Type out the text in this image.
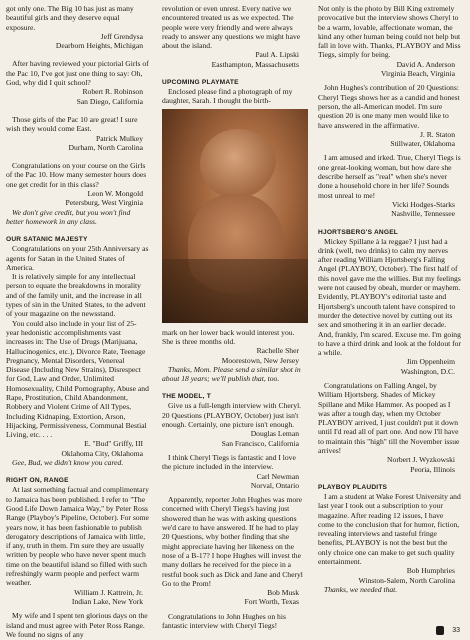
got only one. The Big 10 has just as many beautiful girls and they deserve equal exposure.

Jeff Grendysa

Dearborn Heights, Michigan

After having reviewed your pictorial Girls of the Pac 10, I've got just one thing to say: Oh, God, why did I quit school?

Robert R. Robinson

San Diego, California

Those girls of the Pac 10 are great! I sure wish they would come East.

Patrick Mulkey

Durham, North Carolina

Congratulations on your course on the Girls of the Pac 10. How many semester hours does one get credit for in this class?

Leon W. Mongold

Petersburg, West Virginia

We don't give credit, but you won't find better homework in any class.

OUR SATANIC MAJESTY

Congratulations on your 25th Anniversary as agents for Satan in the United States of America.

It is relatively simple for any intellectual person to equate the breakdowns in morality and of the family unit, and the increase in all types of sin in the United States, to the advent of your magazine on the newsstand.

You could also include in your list of 25-year hedonistic accomplishments vast increases in: The Use of Drugs (Marijuana, Hallucinogenics, etc.), Divorce Rate, Teenage Pregnancy, Mental Disorders, Venereal Disease (Including New Strains), Disrespect for God, Law and Order, Unlimited Homosexuality, Child Pornography, Abuse and Rape, Prostitution, Child Abandonment, Robbery and Violent Crime of All Types, Including Kidnaping, Extortion, Arson, Hijacking, Permissiveness, Communal Bestial Living, etc. . . .

E. "Bud" Griffy, III

Oklahoma City, Oklahoma

Gee, Bud, we didn't know you cared.

RIGHT ON, RANGE

At last something factual and complimentary to Jamaica has been published. I refer to "The Good Life Down Jamaica Way," by Peter Ross Range (Playboy's Pipeline, October). For some years now, it has been fashionable to publish derogatory descriptions of Jamaica with little, if any, truth in them. I'm sure they are usually written by people who have never spent much time on the beautiful island so filled with such refreshingly warm people and perfect warm weather.

William J. Kattrein, Jr.

Indian Lake, New York

My wife and I spent ten glorious days on the island and must agree with Peter Ross Range. We found no signs of any

revolution or even unrest. Every native we encountered treated us as we expected. The people were very friendly and were always ready to answer any questions we might have about the island.

Paul A. Lipski

Easthampton, Massachusetts

UPCOMING PLAYMATE

Enclosed please find a photograph of my daughter, Sarah. I thought the birth-

mark on her lower back would interest you. She is three months old.

Rachelle Sher

Moorestown, New Jersey

Thanks, Mom. Please send a similar shot in about 18 years; we'll publish that, too.

THE MODEL, T

Give us a full-length interview with Cheryl. 20 Questions (PLAYBOY, October) just isn't enough. Certainly, one picture isn't enough.

Douglas Leman

San Francisco, California

I think Cheryl Tiegs is fantastic and I love the picture included in the interview.

Carl Newman

Norval, Ontario

Apparently, reporter John Hughes was more concerned with Cheryl Tiegs's having just showered than he was with asking questions we'd care to have answered. If he had to play 20 Questions, why bother finding that she might appreciate having her likeness on the nose of a B-17? I hope Hughes will invest the many dollars he received for the piece in a restful book such as Dick and Jane and Cheryl Go to the Prom!

Bob Musk

Fort Worth, Texas

Congratulations to John Hughes on his fantastic interview with Cheryl Tiegs!

Not only is the photo by Bill King extremely provocative but the interview shows Cheryl to be a warm, lovable, affectionate woman, the kind any other human being could not help but fall in love with. Thanks, PLAYBOY and Miss Tiegs, simply for being.

David A. Anderson

Virginia Beach, Virginia

John Hughes's contribution of 20 Questions: Cheryl Tiegs shows her as a candid and honest person, the all-American model. I'm sure question 20 is one many men would like to have answered in the affirmative.

J. R. Staton

Stillwater, Oklahoma

I am amused and irked. True, Cheryl Tiegs is one great-looking woman, but how dare she describe herself as "real" when she's never done a household chore in her life? Sounds most unreal to me!

Vicki Hodges-Starks

Nashville, Tennessee

HJORTSBERG'S ANGEL

Mickey Spillane à la reggae? I just had a drink (well, two drinks) to calm my nerves after reading William Hjortsberg's Falling Angel (PLAYBOY, October). The first half of this novel gave me the willies. But my feelings were not caused by obeah, murder or mayhem. Evidently, PLAYBOY's editorial taste and Hjortsberg's uncouth talent have conspired to murder the detective novel by cutting out its sex and smothering it in an earlier decade. And, frankly, I'm scared. Excuse me. I'm going to have a third drink and look at the foldout for a while.

Jim Oppenheim

Washington, D.C.

Congratulations on Falling Angel, by William Hjortsberg. Shades of Mickey Spillane and Mike Hammer. As pooped as I was after a tough day, when my October PLAYBOY arrived, I just couldn't put it down until I'd read all of part one. And now I'll have to maintain this "high" till the November issue arrives!

Norbert J. Wyzkowski

Peoria, Illinois

PLAYBOY PLAUDITS

I am a student at Wake Forest University and last year I took out a subscription to your magazine. After reading 12 issues, I have come to the conclusion that for humor, fiction, revealing interviews and tasteful fringe benefits, PLAYBOY is not the best but the only choice one can make to get such quality entertainment.

Bob Humphries

Winston-Salem, North Carolina

Thanks, we needed that.

33
